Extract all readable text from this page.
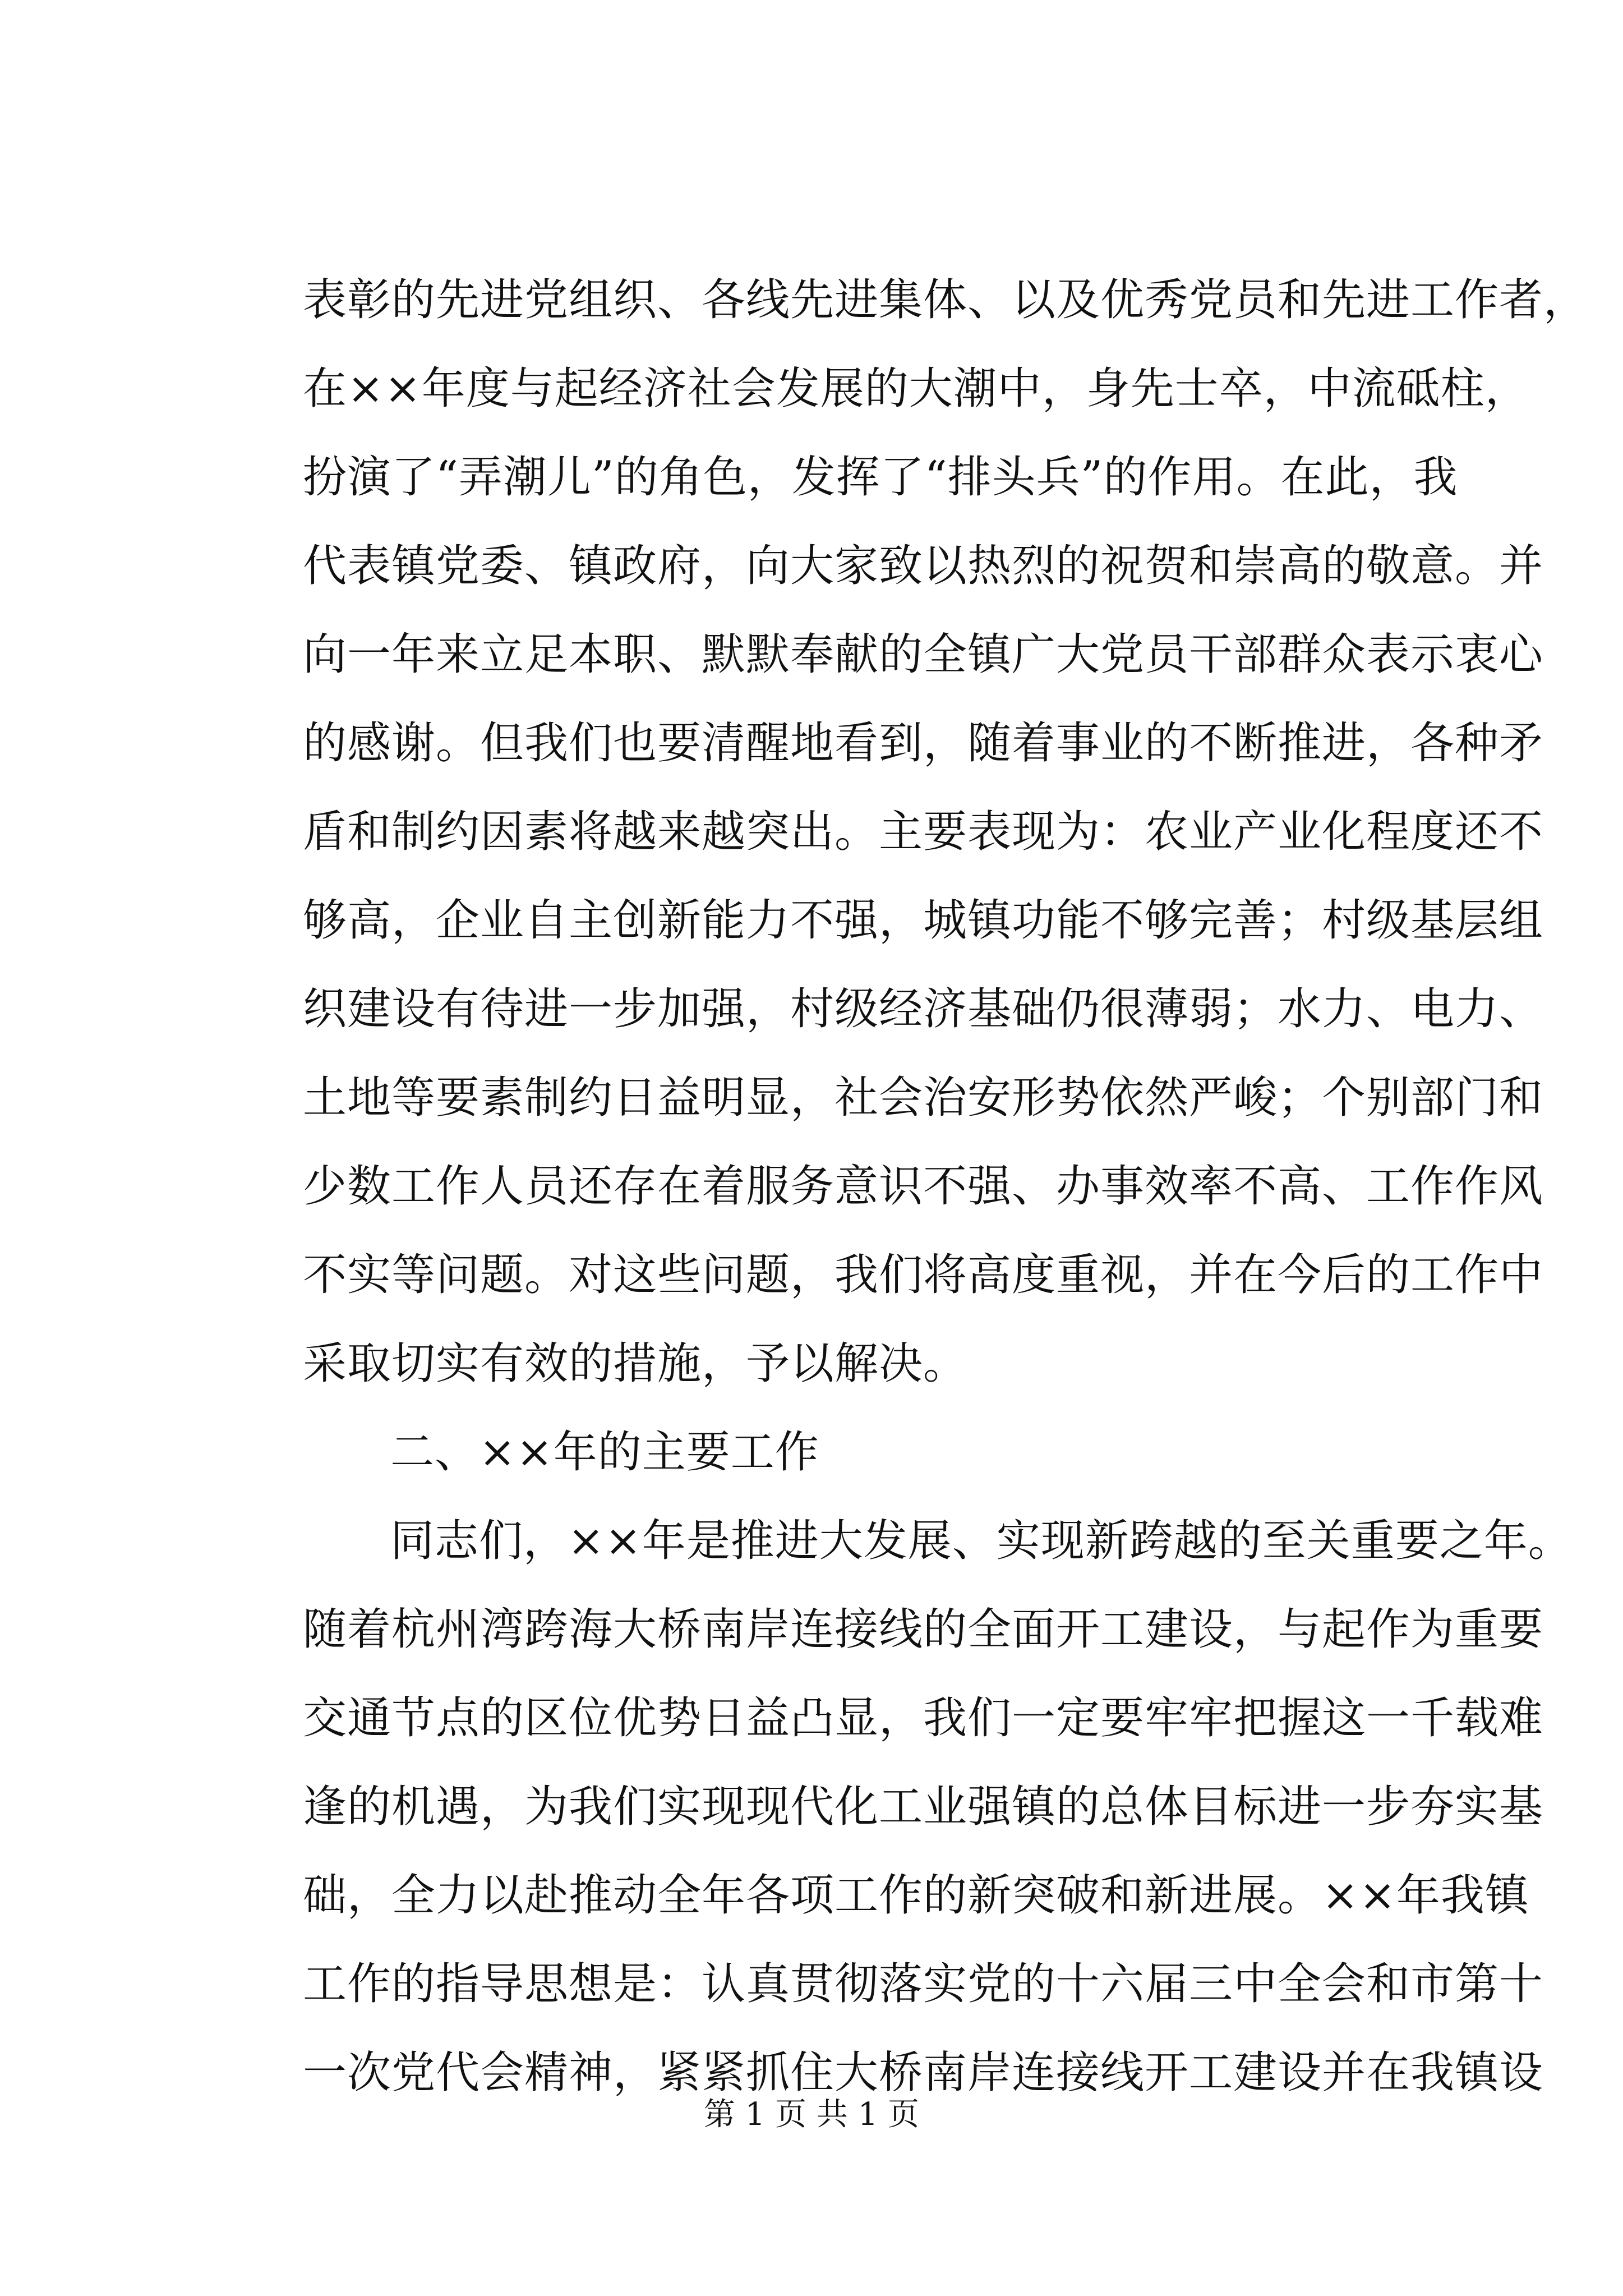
表彰的先进党组织、各线先进集体、以及优秀党员和先进工作者，

在××年度与起经济社会发展的大潮中，身先士卒，中流砥柱，

扮演了“弄潮儿”的角色，发挥了“排头兵”的作用。在此，我

代表镇党委、镇政府，向大家致以热烈的祝贺和崇高的敬意。并

向一年来立足本职、默默奉献的全镇广大党员干部群众表示衷心

的感谢。但我们也要清醒地看到，随着事业的不断推进，各种矛

盾和制约因素将越来越突出。主要表现为：农业产业化程度还不

够高，企业自主创新能力不强，城镇功能不够完善；村级基层组

织建设有待进一步加强，村级经济基础仍很薄弱；水力、电力、

土地等要素制约日益明显，社会治安形势依然严峻；个别部门和

少数工作人员还存在着服务意识不强、办事效率不高、工作作风

不实等问题。对这些问题，我们将高度重视，并在今后的工作中

采取切实有效的措施，予以解决。

二、××年的主要工作

同志们，××年是推进大发展、实现新跨越的至关重要之年。

随着杭州湾跨海大桥南岸连接线的全面开工建设，与起作为重要

交通节点的区位优势日益凸显，我们一定要牢牢把握这一千载难

逢的机遇，为我们实现现代化工业强镇的总体目标进一步夯实基

础，全力以赴推动全年各项工作的新突破和新进展。××年我镇

工作的指导思想是：认真贯彻落实党的十六届三中全会和市第十

一次党代会精神，紧紧抓住大桥南岸连接线开工建设并在我镇设

第 1 页 共 1 页
